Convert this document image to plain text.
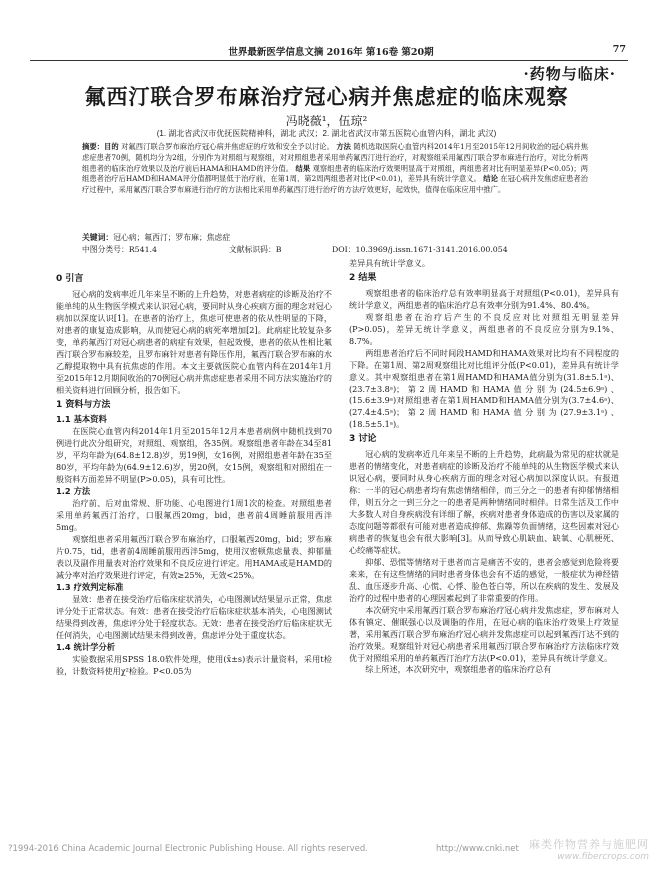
世界最新医学信息文摘 2016年 第16卷 第20期	77
·药物与临床·
氟西汀联合罗布麻治疗冠心病并焦虑症的临床观察
冯晓薇¹，伍琼²
(1. 湖北省武汉市优抚医院精神科，湖北 武汉；2. 湖北省武汉市第五医院心血管内科，湖北 武汉)
摘要：目的 对氟西汀联合罗布麻治疗冠心病并焦虑症的疗效和安全予以讨论。 方法 随机选取医院心血管内科2014年1月至2015年12月间收治的冠心病并焦虑症患者70例，随机均分为2组，分别作为对照组与观察组，对对照组患者采用单药氟西汀进行治疗，对观察组采用氟西汀联合罗布麻进行治疗，对比分析两组患者的临床治疗效果以及治疗前后HAMA和HAMD的评分值。 结果 观察组患者的临床治疗效果明显高于对照组，两组患者对比有明显差异(P<0.05)；两组患者治疗后HAMD和HAMA评分值都明显低于治疗前，在第1周、第2周两组患者对比(P<0.01)，差异具有统计学意义。 结论 在冠心病并发焦虑症患者治疗过程中，采用氟西汀联合罗布麻进行治疗的方法相比采用单药氟西汀进行治疗的方法疗效更好，起效快，值得在临床应用中推广。
关键词：冠心病；氟西汀；罗布麻；焦虑症
中图分类号：R541.4	文献标识码：B	DOI：10.3969/j.issn.1671-3141.2016.00.054
0 引言

冠心病的发病率近几年来呈不断的上升趋势，对患者病症的诊断及治疗不能单纯的从生物医学模式来认识冠心病，要同时从身心疾病方面的理念对冠心病加以深度认识[1]。在患者的治疗上，焦虑可使患者的依从性明显的下降，对患者的康复造成影响，从而使冠心病的病死率增加[2]。此病症比较复杂多变，单药氟西汀对冠心病患者的病症有效果，但起效慢，患者的依从性相比氟西汀联合罗布麻较差，且罗布麻针对患者有降压作用，氟西汀联合罗布麻的水乙醇提取物中具有抗焦虑的作用。本文主要就医院心血管内科在2014年1月至2015年12月期间收治的70例冠心病并焦虑症患者采用不同方法实施治疗的相关资料进行回顾分析，报告如下。

1 资料与方法
1.1 基本资料

在医院心血管内科2014年1月至2015年12月本患者病例中随机找到70例进行此次分组研究，对照组、观察组，各35例。观察组患者年龄在34至81岁，平均年龄为(64.8±12.8)岁，男19例，女16例，对照组患者年龄在35至80岁，平均年龄为(64.9±12.6)岁，男20例，女15例，观察组和对照组在一般资料方面差异不明显(P>0.05)，具有可比性。

1.2 方法

治疗前、后对血常规、肝功能、心电图进行1周1次的检查。对照组患者采用单药氟西汀治疗，口服氟西20mg，bid，患者前4周睡前服用西泮5mg。

观察组患者采用氟西汀联合罗布麻治疗，口服氟西20mg，bid；罗布麻片0.75，tid，患者前4周睡前服用西泮5mg，使用汉密顿焦虑量表、抑郁量表以及副作用量表对治疗效果和不良反应进行评定。用HAMA或是HAMD的减分率对治疗效果进行评定，有效≥25%，无效<25%。

1.3 疗效判定标准

显效：患者在接受治疗后临床症状消失，心电图测试结果显示正常，焦虑评分处于正常状态。有效：患者在接受治疗后临床症状基本消失，心电图测试结果得到改善，焦虑评分处于轻度状态。无效：患者在接受治疗后临床症状无任何消失，心电图测试结果未得到改善，焦虑评分处于重度状态。

1.4 统计学分析

实验数据采用SPSS 18.0软件处理，使用(x̄±s)表示计量资料，采用t检验，计数资料使用χ²检验。P<0.05为

差异具有统计学意义。

2 结果

观察组患者的临床治疗总有效率明显高于对照组(P<0.01)，差异具有统计学意义，两组患者的临床治疗总有效率分别为91.4%、80.4%。

观察组患者在治疗后产生的不良反应对比对照组无明显差异(P>0.05)，差异无统计学意义，两组患者的不良反应分别为9.1%、8.7%。

两组患者治疗后不同时间段HAMD和HAMA效果对比均有不同程度的下降。在第1周、第2周观察组比对比组评分低(P<0.01)，差异具有统计学意义。其中观察组患者在第1周HAMD和HAMA值分别为(31.8±5.1ᵃ)、(23.7±3.8ᵃ)；第2周HAMD和HAMA值分别为(24.5±6.9ᵃ)、(15.6±3.9ᵃ)对照组患者在第1周HAMD和HAMA值分别为(3.7±4.6ᵃ)、(27.4±4.5ᵃ)；第2周HAMD和HAMA值分别为(27.9±3.1ᵃ)、(18.5±5.1ᵃ)。

3 讨论

冠心病的发病率近几年来呈不断的上升趋势，此病最为常见的症状就是患者的情绪变化，对患者病症的诊断及治疗不能单纯的从生物医学模式来认识冠心病，要同时从身心疾病方面的理念对冠心病加以深度认识。有报道称：一半的冠心病患者均有焦虑情绪相伴，而三分之一的患者有抑郁情绪相伴，则五分之一到三分之一的患者是两种情绪同时相伴。日常生活及工作中大多数人对自身疾病没有详细了解，疾病对患者身体造成的伤害以及家属的态度问题等都很有可能对患者造成抑郁、焦躁等负面情绪，这些因素对冠心病患者的恢复也会有很大影响[3]。从而导致心肌缺血、缺氧、心肌梗死、心绞痛等症状。

抑郁、恐慌等情绪对于患者而言是痛苦不安的，患者会感觉到危险将要来来，在有这些情绪的同时患者身体也会有不适的感觉，一般症状为神经错乱、血压逐步升高、心慌、心悸、脸色苍白等，所以在疾病的发生、发展及治疗的过程中患者的心理因素起到了非常重要的作用。

本次研究中采用氟西汀联合罗布麻治疗冠心病并发焦虑症，罗布麻对人体有镇定、催眠强心以及调脂的作用，在冠心病的临床治疗效果上疗效显著，采用氟西汀联合罗布麻治疗冠心病并发焦虑症可以起到氟西汀达不到的治疗效果。观察组针对冠心病患者采用氟西汀联合罗布麻治疗方法临床疗效优于对照组采用的单药氟西汀治疗方法(P<0.01)，差异具有统计学意义。

综上所述，本次研究中，观察组患者的临床治疗总有

?1994-2016 China Academic Journal Electronic Publishing House. All rights reserved.	http://www.cnki.net 麻类作物营养与施肥网
www.fibercrops.com
